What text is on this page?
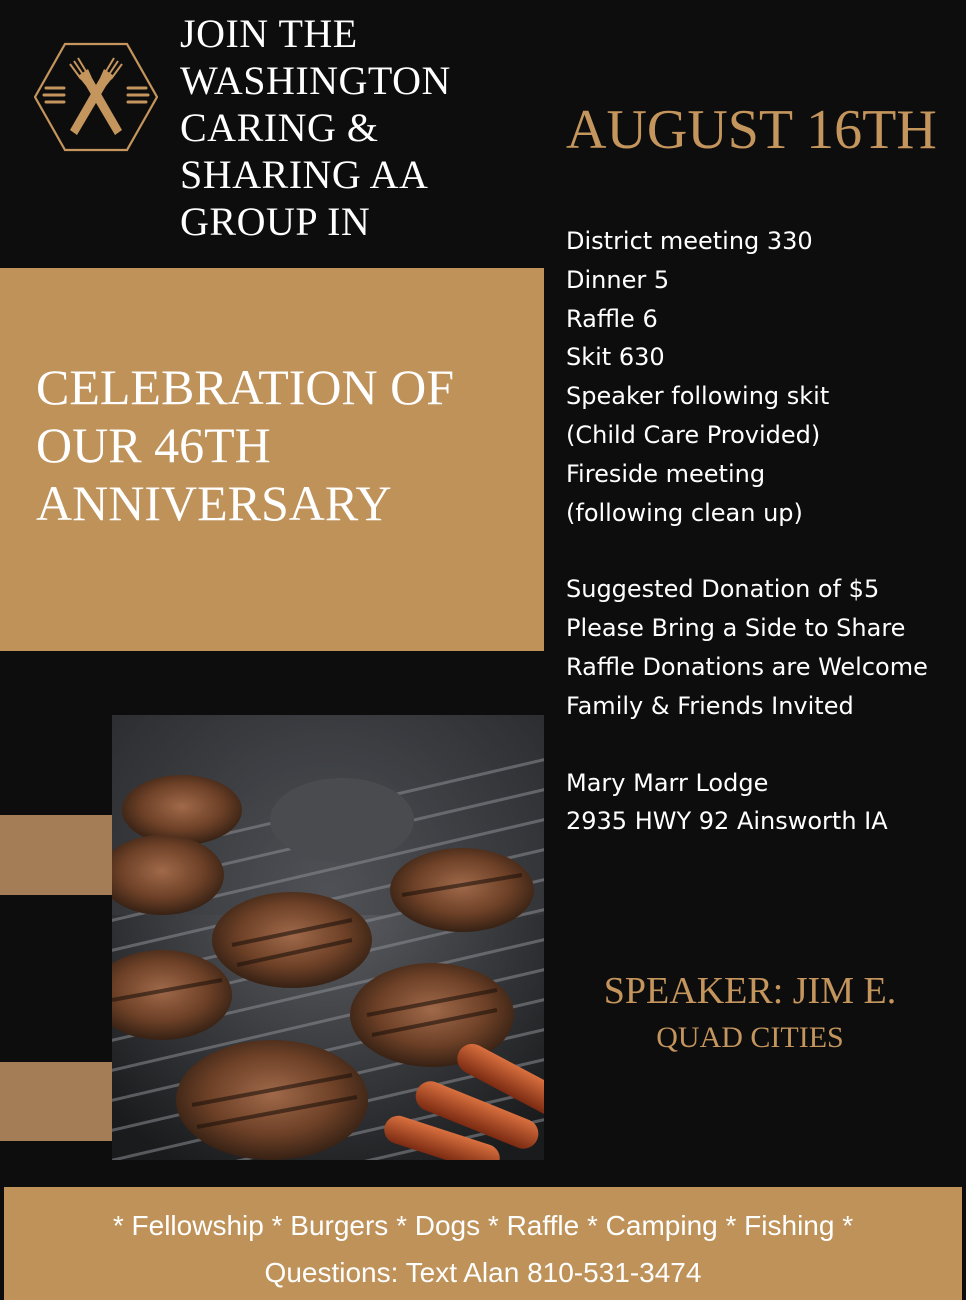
JOIN THE
WASHINGTON
CARING &
SHARING AA
GROUP IN
AUGUST 16TH
CELEBRATION OF
OUR 46TH
ANNIVERSARY
District meeting 330
Dinner 5
Raffle 6
Skit 630
Speaker following skit
(Child Care Provided)
Fireside meeting
(following clean up)
Suggested Donation of $5
Please Bring a Side to Share
Raffle Donations are Welcome
Family & Friends Invited
Mary Marr Lodge
2935 HWY 92 Ainsworth IA
SPEAKER: JIM E.
QUAD CITIES
* Fellowship * Burgers * Dogs * Raffle * Camping * Fishing *
Questions: Text Alan 810-531-3474
